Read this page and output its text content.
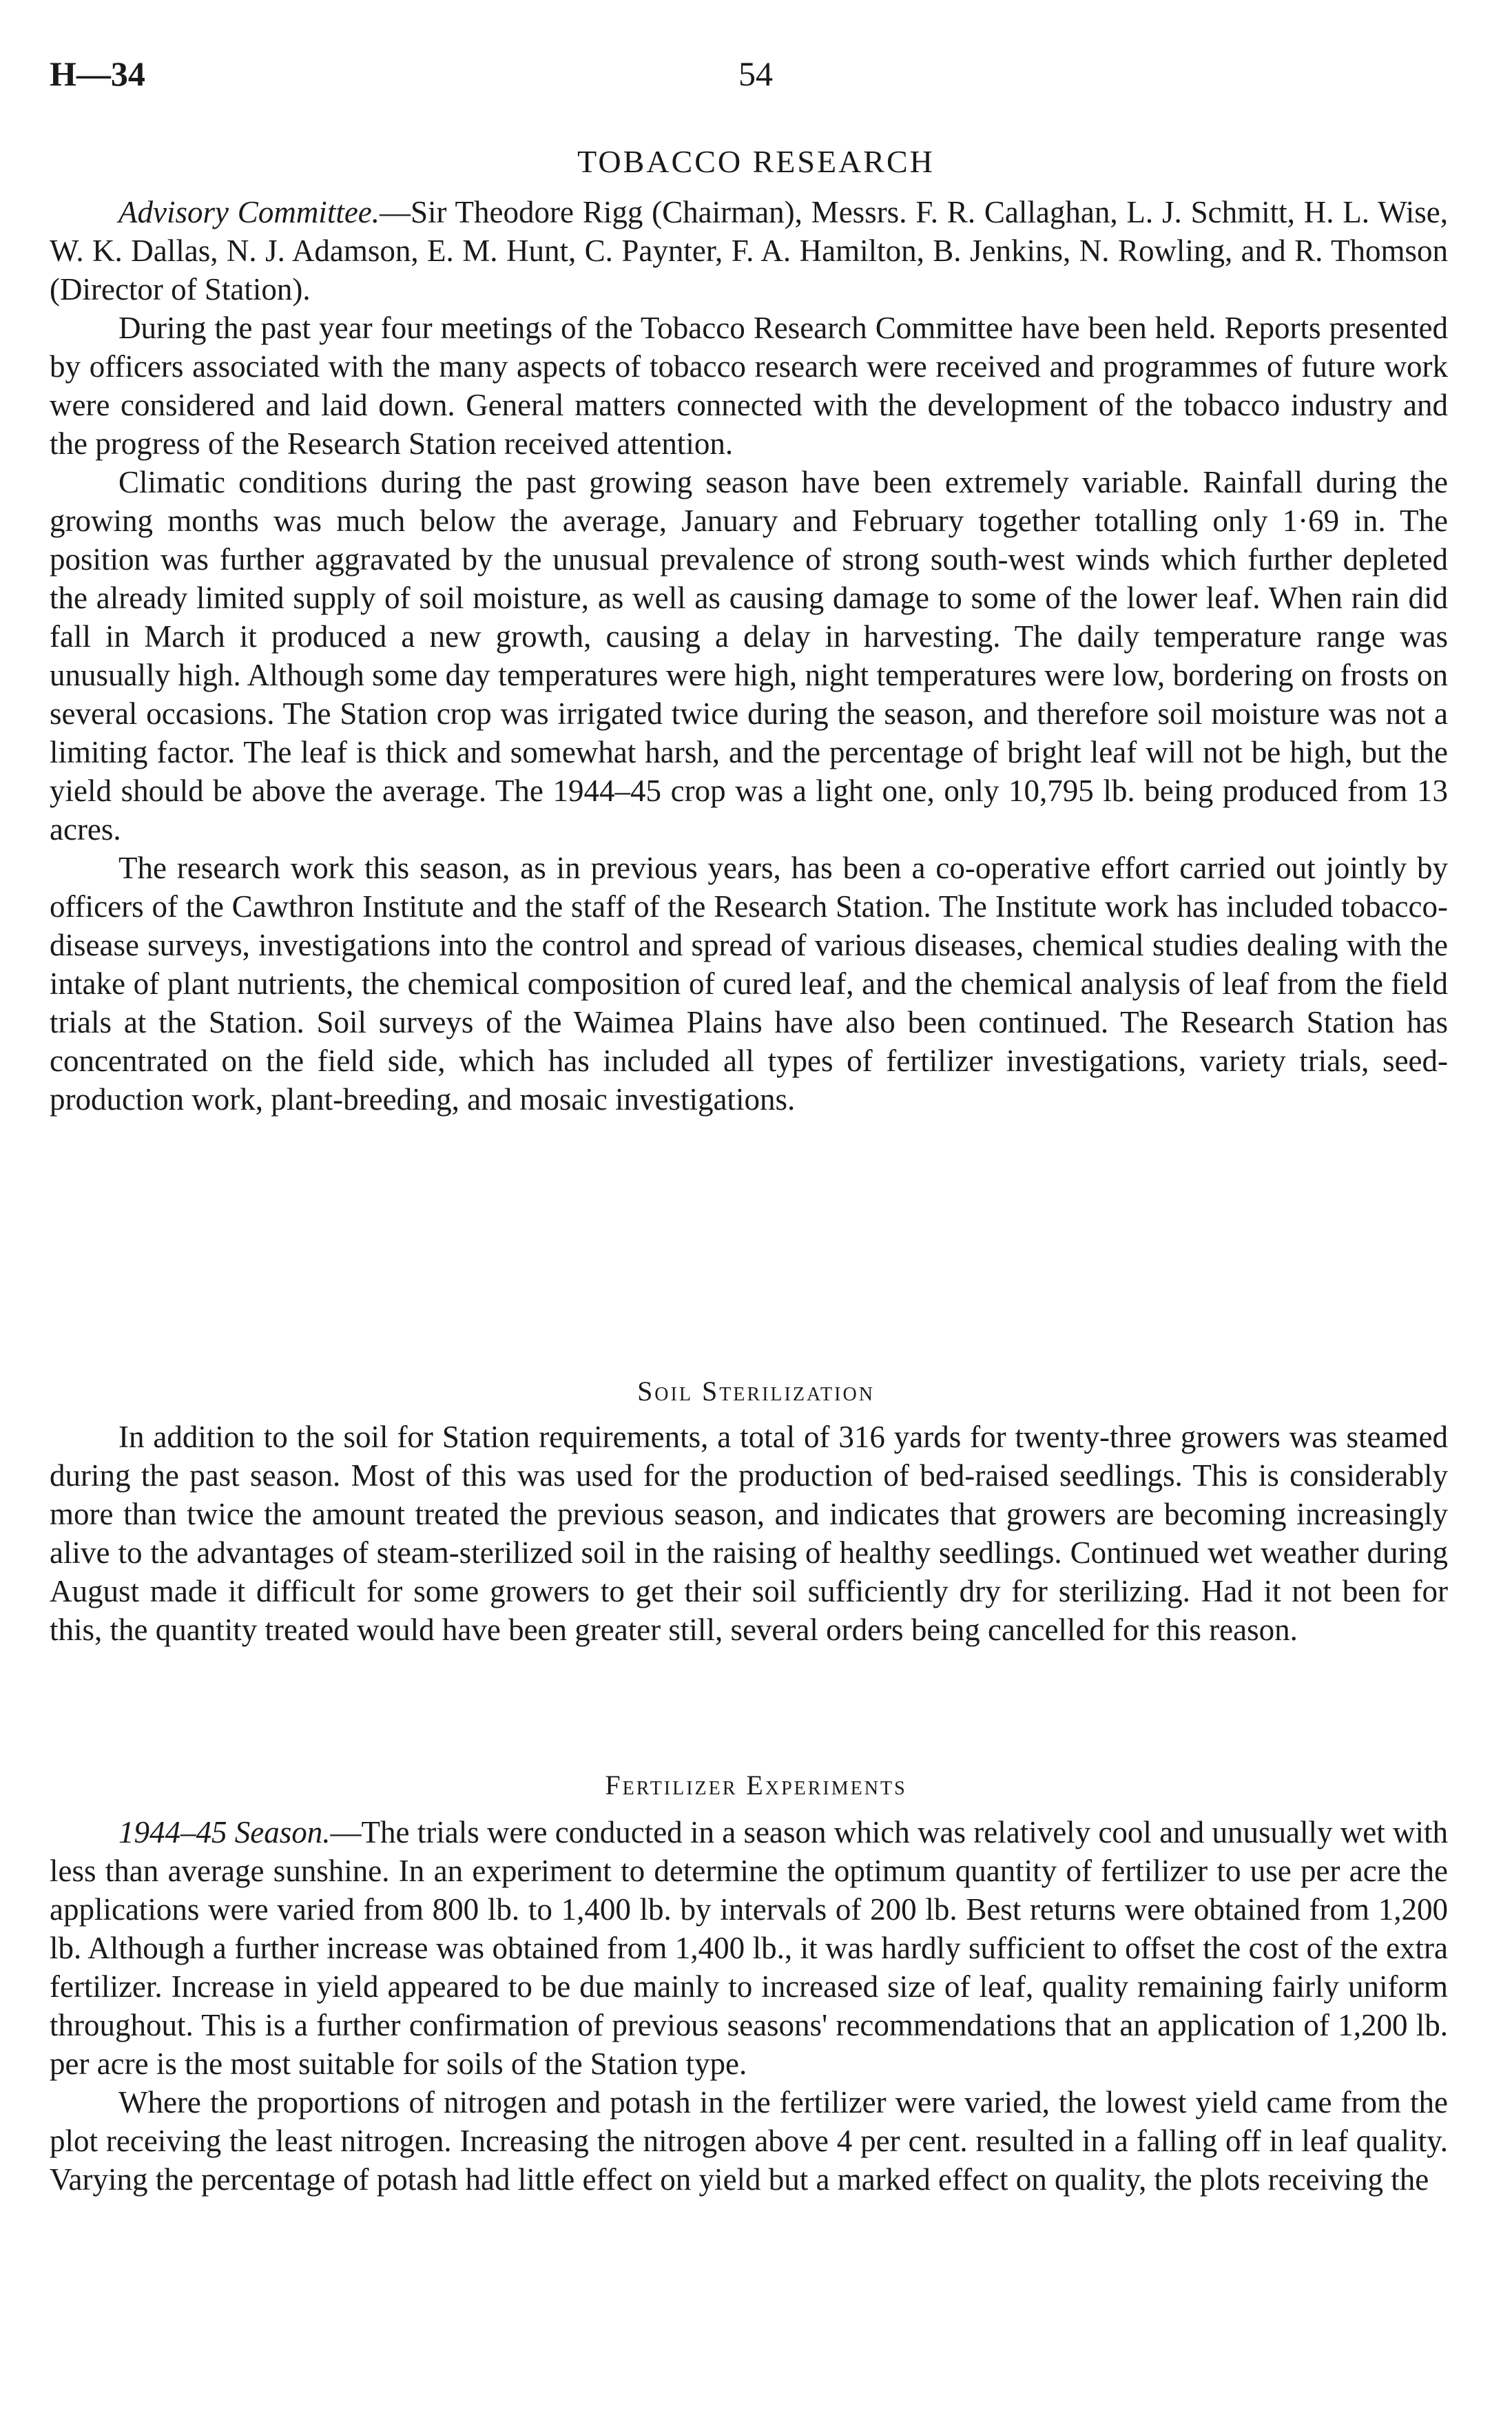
H—34	54
TOBACCO RESEARCH

Advisory Committee.—Sir Theodore Rigg (Chairman), Messrs. F. R. Callaghan, L. J. Schmitt, H. L. Wise, W. K. Dallas, N. J. Adamson, E. M. Hunt, C. Paynter, F. A. Hamilton, B. Jenkins, N. Rowling, and R. Thomson (Director of Station).

During the past year four meetings of the Tobacco Research Committee have been held. Reports presented by officers associated with the many aspects of tobacco research were received and programmes of future work were considered and laid down. General matters connected with the development of the tobacco industry and the progress of the Research Station received attention.

Climatic conditions during the past growing season have been extremely variable. Rainfall during the growing months was much below the average, January and February together totalling only 1·69 in. The position was further aggravated by the unusual prevalence of strong south-west winds which further depleted the already limited supply of soil moisture, as well as causing damage to some of the lower leaf. When rain did fall in March it produced a new growth, causing a delay in harvesting. The daily temperature range was unusually high. Although some day temperatures were high, night temperatures were low, bordering on frosts on several occasions. The Station crop was irrigated twice during the season, and therefore soil moisture was not a limiting factor. The leaf is thick and somewhat harsh, and the percentage of bright leaf will not be high, but the yield should be above the average. The 1944–45 crop was a light one, only 10,795 lb. being produced from 13 acres.

The research work this season, as in previous years, has been a co-operative effort carried out jointly by officers of the Cawthron Institute and the staff of the Research Station. The Institute work has included tobacco-disease surveys, investigations into the control and spread of various diseases, chemical studies dealing with the intake of plant nutrients, the chemical composition of cured leaf, and the chemical analysis of leaf from the field trials at the Station. Soil surveys of the Waimea Plains have also been continued. The Research Station has concentrated on the field side, which has included all types of fertilizer investigations, variety trials, seed-production work, plant-breeding, and mosaic investigations.

Soil Sterilization

In addition to the soil for Station requirements, a total of 316 yards for twenty-three growers was steamed during the past season. Most of this was used for the production of bed-raised seedlings. This is considerably more than twice the amount treated the previous season, and indicates that growers are becoming increasingly alive to the advantages of steam-sterilized soil in the raising of healthy seedlings. Continued wet weather during August made it difficult for some growers to get their soil sufficiently dry for sterilizing. Had it not been for this, the quantity treated would have been greater still, several orders being cancelled for this reason.

Fertilizer Experiments

1944–45 Season.—The trials were conducted in a season which was relatively cool and unusually wet with less than average sunshine. In an experiment to determine the optimum quantity of fertilizer to use per acre the applications were varied from 800 lb. to 1,400 lb. by intervals of 200 lb. Best returns were obtained from 1,200 lb. Although a further increase was obtained from 1,400 lb., it was hardly sufficient to offset the cost of the extra fertilizer. Increase in yield appeared to be due mainly to increased size of leaf, quality remaining fairly uniform throughout. This is a further confirmation of previous seasons' recommendations that an application of 1,200 lb. per acre is the most suitable for soils of the Station type.

Where the proportions of nitrogen and potash in the fertilizer were varied, the lowest yield came from the plot receiving the least nitrogen. Increasing the nitrogen above 4 per cent. resulted in a falling off in leaf quality. Varying the percentage of potash had little effect on yield but a marked effect on quality, the plots receiving the
